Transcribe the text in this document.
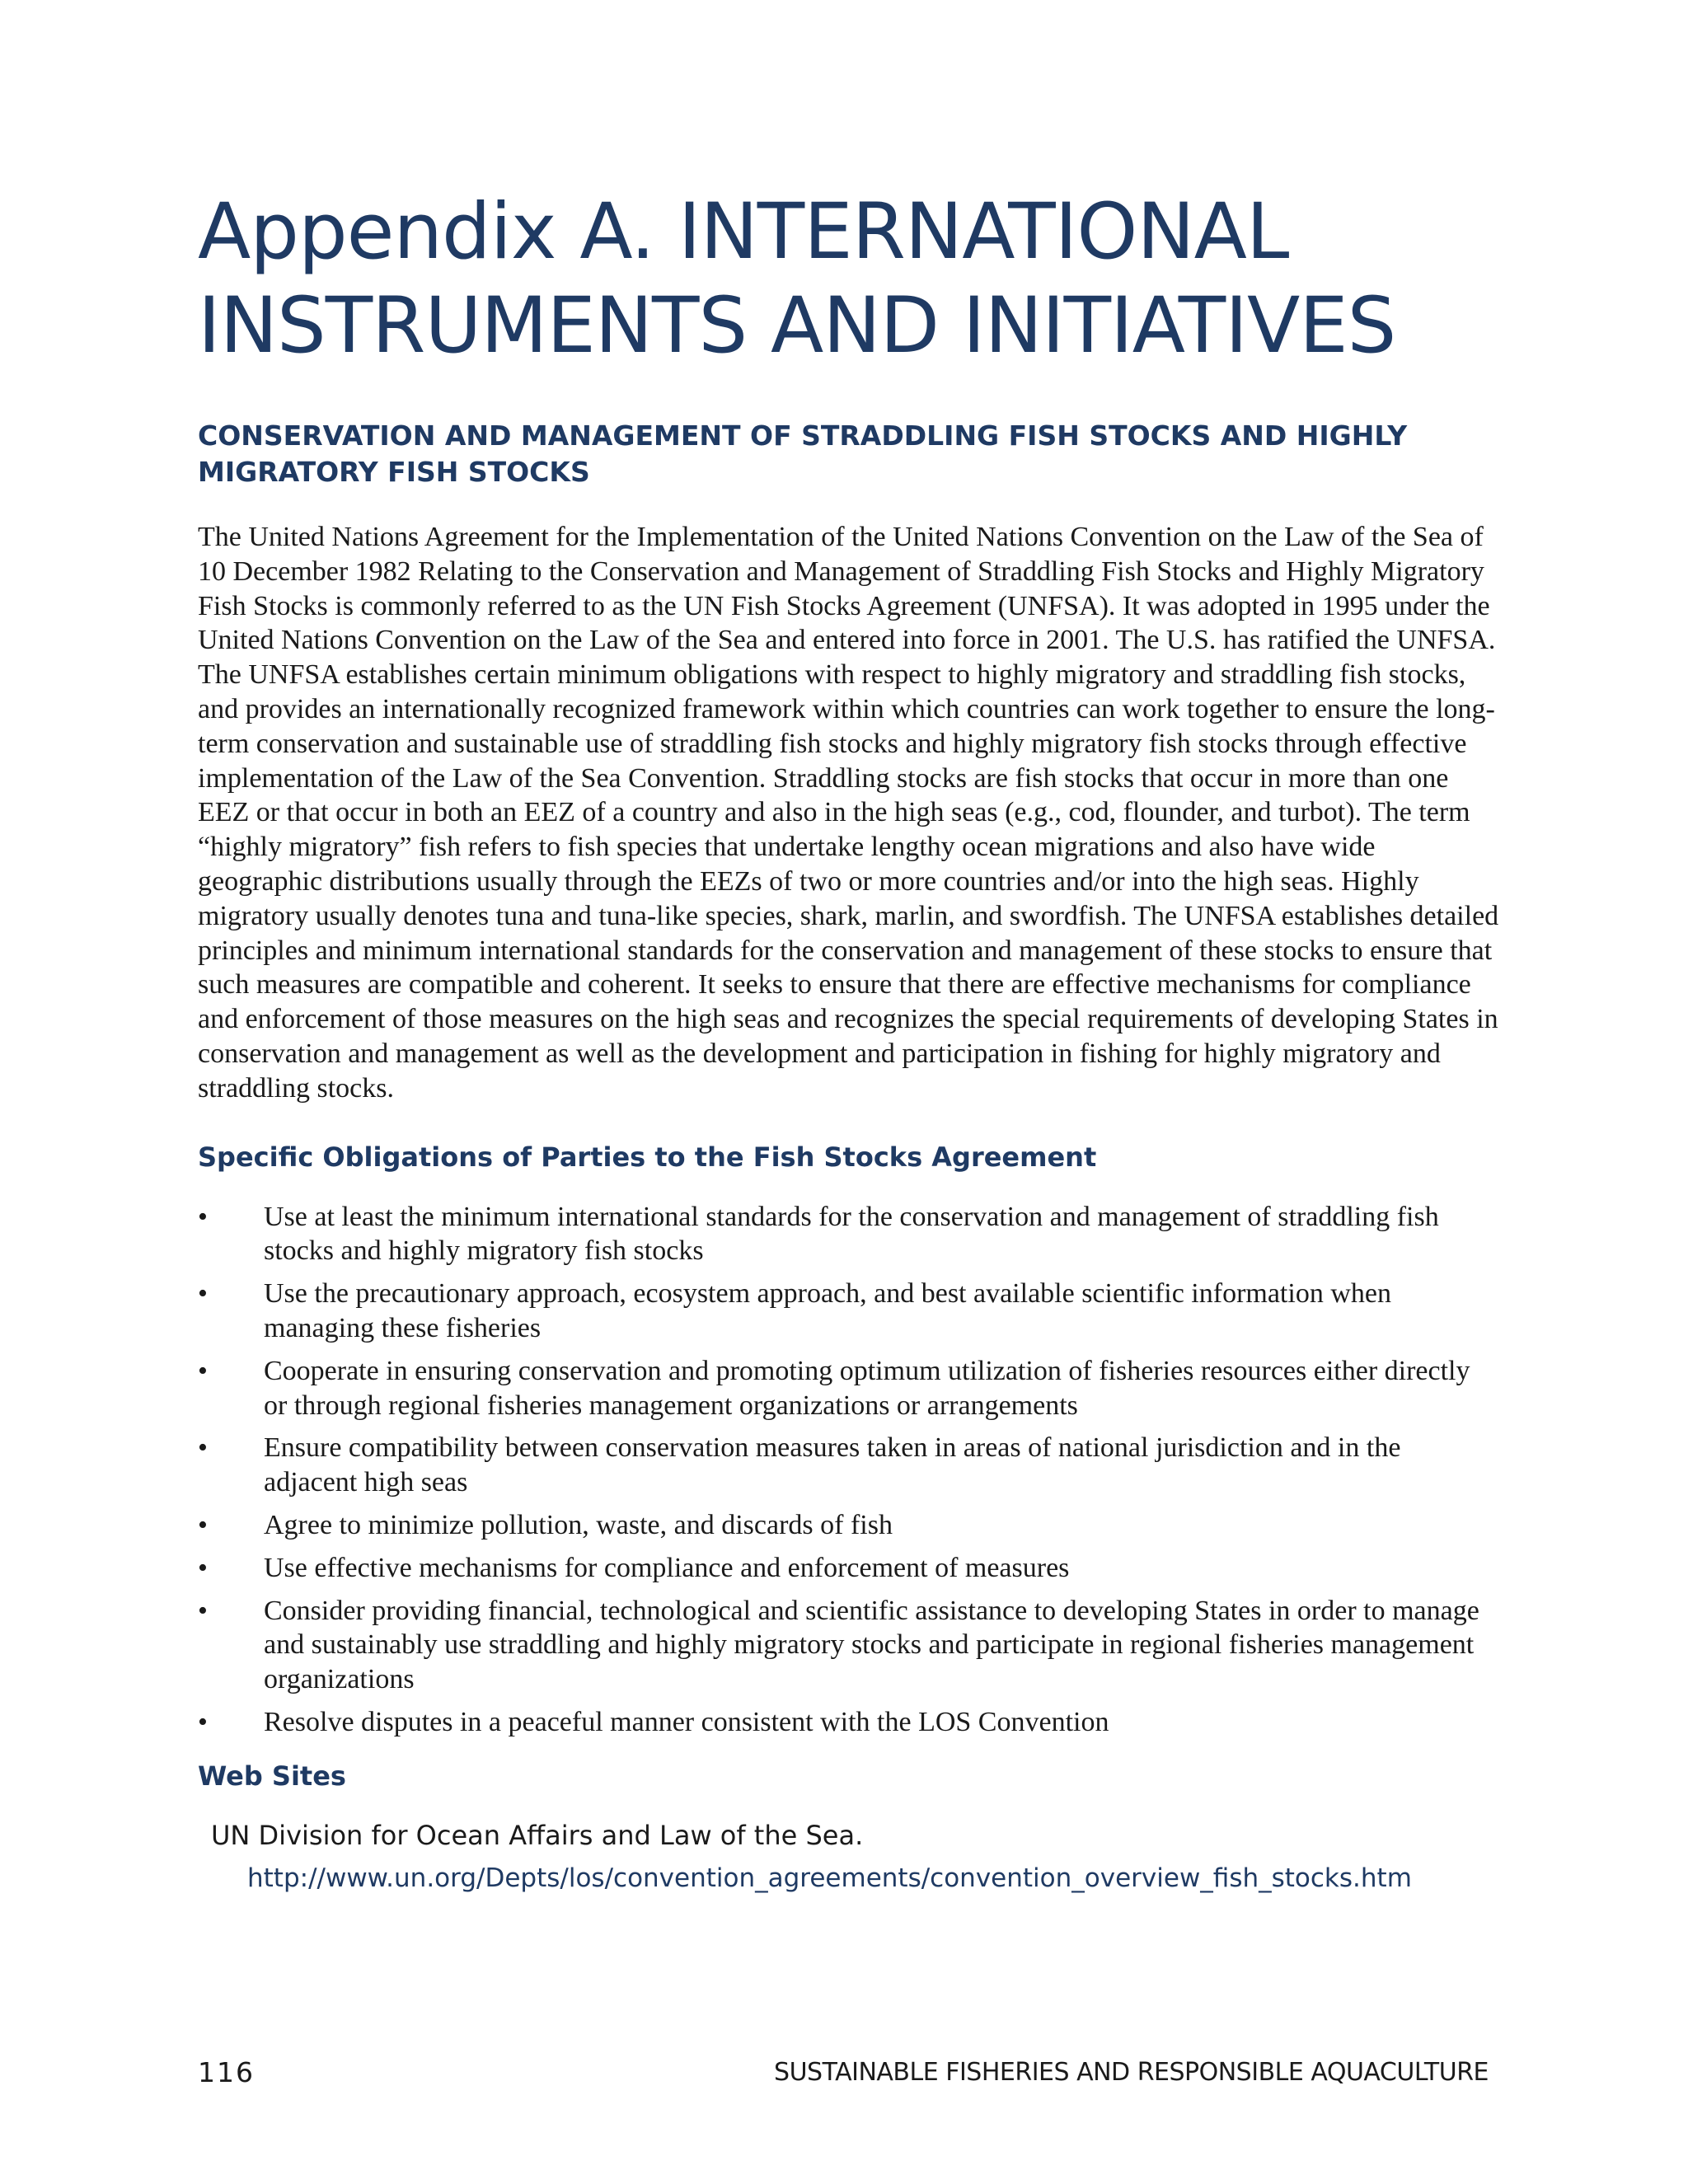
Appendix A. INTERNATIONAL
INSTRUMENTS AND INITIATIVES
CONSERVATION AND MANAGEMENT OF STRADDLING FISH STOCKS AND HIGHLY MIGRATORY FISH STOCKS

The United Nations Agreement for the Implementation of the United Nations Convention on the Law of the Sea of 10 December 1982 Relating to the Conservation and Management of Straddling Fish Stocks and Highly Migratory Fish Stocks is commonly referred to as the UN Fish Stocks Agreement (UNFSA). It was adopted in 1995 under the United Nations Convention on the Law of the Sea and entered into force in 2001. The U.S. has ratified the UNFSA. The UNFSA establishes certain minimum obligations with respect to highly migratory and straddling fish stocks, and provides an internationally recognized framework within which countries can work together to ensure the long-term conservation and sustainable use of straddling fish stocks and highly migratory fish stocks through effective implementation of the Law of the Sea Convention. Straddling stocks are fish stocks that occur in more than one EEZ or that occur in both an EEZ of a country and also in the high seas (e.g., cod, flounder, and turbot). The term “highly migratory” fish refers to fish species that undertake lengthy ocean migrations and also have wide geographic distributions usually through the EEZs of two or more countries and/or into the high seas. Highly migratory usually denotes tuna and tuna-like species, shark, marlin, and swordfish. The UNFSA establishes detailed principles and minimum international standards for the conservation and management of these stocks to ensure that such measures are compatible and coherent. It seeks to ensure that there are effective mechanisms for compliance and enforcement of those measures on the high seas and recognizes the special requirements of developing States in conservation and management as well as the development and participation in fishing for highly migratory and straddling stocks.

Specific Obligations of Parties to the Fish Stocks Agreement
• Use at least the minimum international standards for the conservation and management of straddling fish stocks and highly migratory fish stocks
• Use the precautionary approach, ecosystem approach, and best available scientific information when managing these fisheries
• Cooperate in ensuring conservation and promoting optimum utilization of fisheries resources either directly or through regional fisheries management organizations or arrangements
• Ensure compatibility between conservation measures taken in areas of national jurisdiction and in the adjacent high seas
• Agree to minimize pollution, waste, and discards of fish
• Use effective mechanisms for compliance and enforcement of measures
• Consider providing financial, technological and scientific assistance to developing States in order to manage and sustainably use straddling and highly migratory stocks and participate in regional fisheries management organizations
• Resolve disputes in a peaceful manner consistent with the LOS Convention
Web Sites

UN Division for Ocean Affairs and Law of the Sea.

http://www.un.org/Depts/los/convention_agreements/convention_overview_fish_stocks.htm
116	SUSTAINABLE FISHERIES AND RESPONSIBLE AQUACULTURE
